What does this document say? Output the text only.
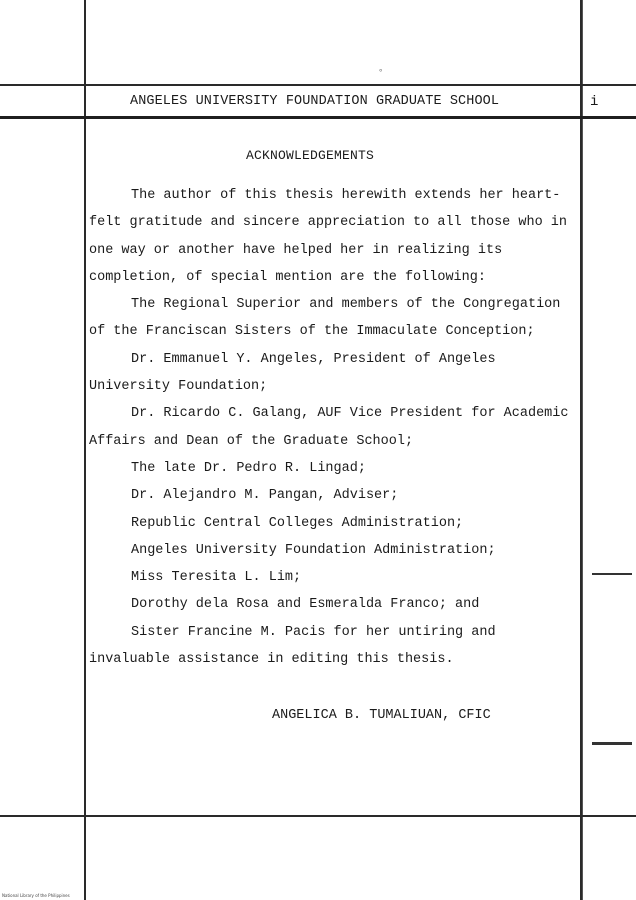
°
ANGELES UNIVERSITY FOUNDATION GRADUATE SCHOOL	i
ACKNOWLEDGEMENTS
The author of this thesis herewith extends her heart-
felt gratitude and sincere appreciation to all those who in
one way or another have helped her in realizing its
completion, of special mention are the following:
The Regional Superior and members of the Congregation
of the Franciscan Sisters of the Immaculate Conception;
Dr. Emmanuel Y. Angeles, President of Angeles
University Foundation;
Dr. Ricardo C. Galang, AUF Vice President for Academic
Affairs and Dean of the Graduate School;
The late Dr. Pedro R. Lingad;
Dr. Alejandro M. Pangan, Adviser;
Republic Central Colleges Administration;
Angeles University Foundation Administration;
Miss Teresita L. Lim;
Dorothy dela Rosa and Esmeralda Franco; and
Sister Francine M. Pacis for her untiring and
invaluable assistance in editing this thesis.
ANGELICA B. TUMALIUAN, CFIC
National Library of the Philippines
